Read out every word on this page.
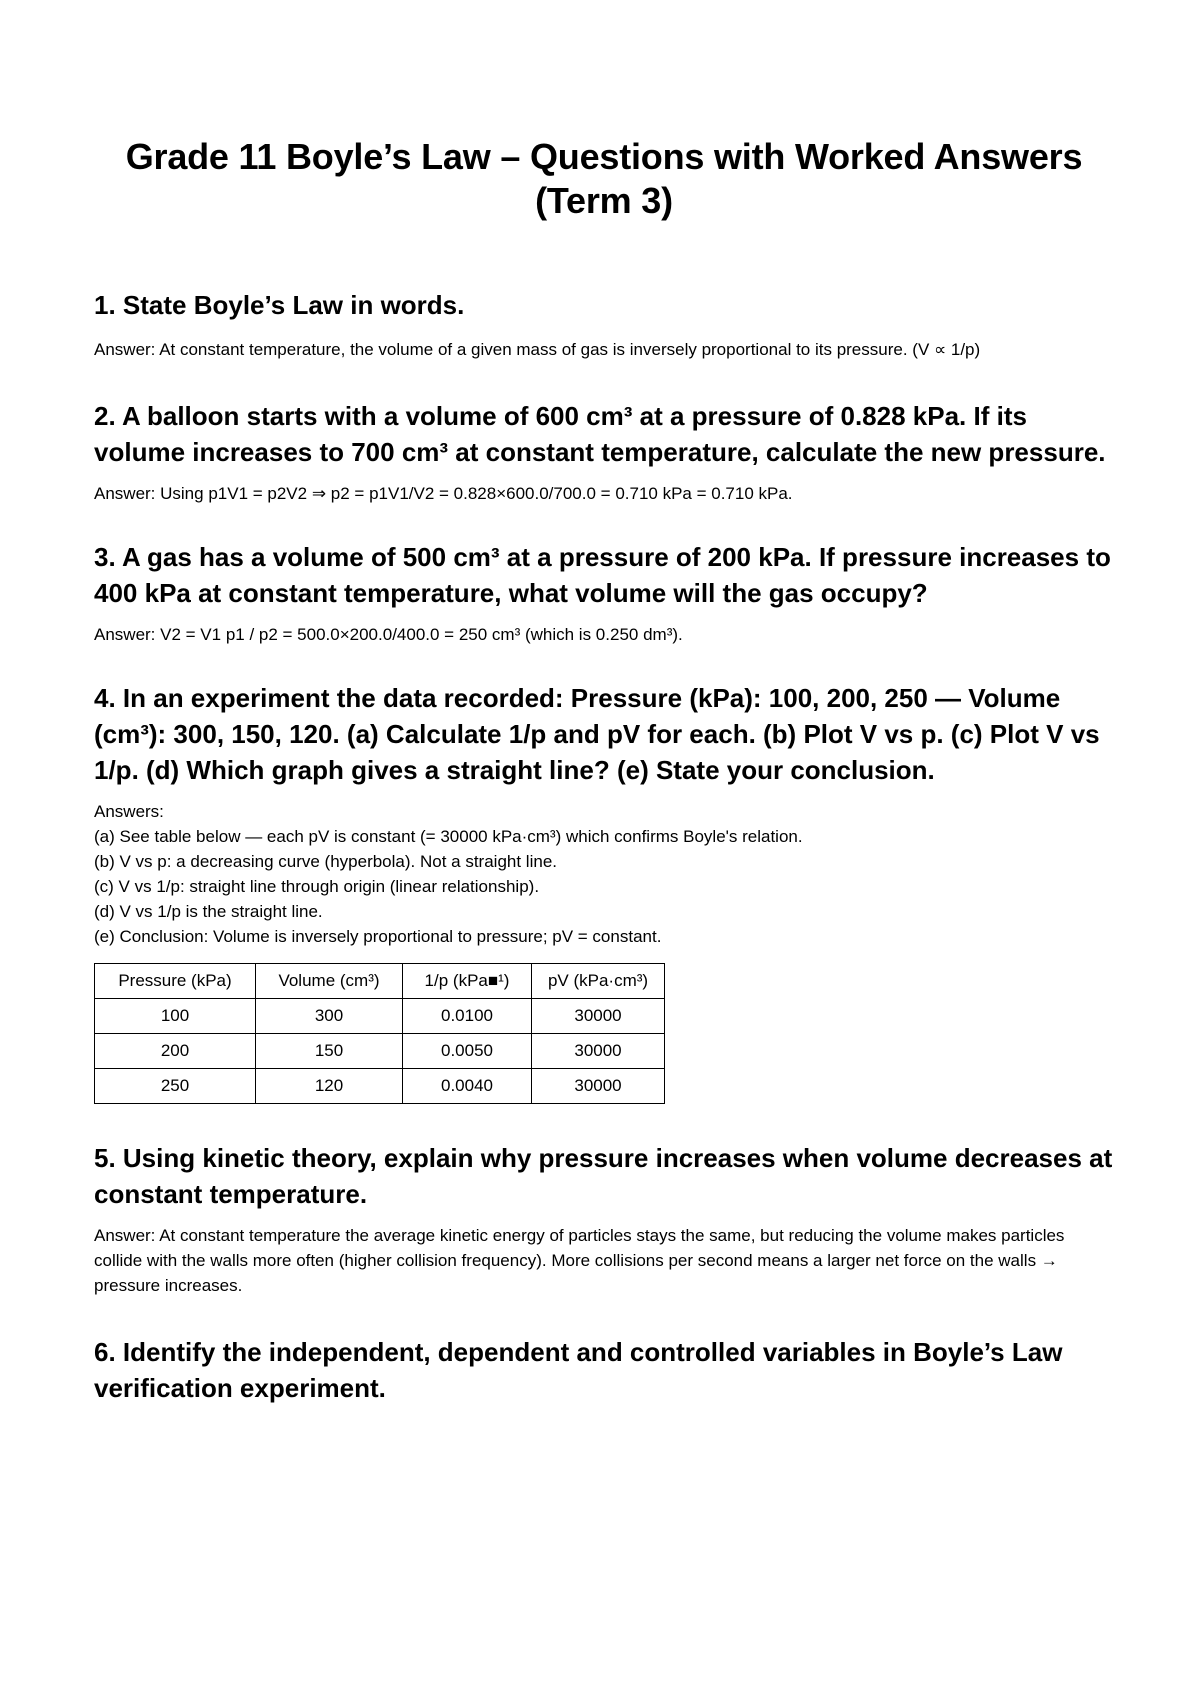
Grade 11 Boyle’s Law – Questions with Worked Answers
(Term 3)

1. State Boyle’s Law in words.

Answer: At constant temperature, the volume of a given mass of gas is inversely proportional to its pressure. (V ∝ 1/p)

2. A balloon starts with a volume of 600 cm³ at a pressure of 0.828 kPa. If its volume increases to 700 cm³ at constant temperature, calculate the new pressure.

Answer: Using p1V1 = p2V2 ⇒ p2 = p1V1/V2 = 0.828×600.0/700.0 = 0.710 kPa = 0.710 kPa.

3. A gas has a volume of 500 cm³ at a pressure of 200 kPa. If pressure increases to 400 kPa at constant temperature, what volume will the gas occupy?

Answer: V2 = V1 p1 / p2 = 500.0×200.0/400.0 = 250 cm³ (which is 0.250 dm³).

4. In an experiment the data recorded: Pressure (kPa): 100, 200, 250 — Volume (cm³): 300, 150, 120. (a) Calculate 1/p and pV for each. (b) Plot V vs p. (c) Plot V vs 1/p. (d) Which graph gives a straight line? (e) State your conclusion.

Answers:
(a) See table below — each pV is constant (= 30000 kPa·cm³) which confirms Boyle's relation.
(b) V vs p: a decreasing curve (hyperbola). Not a straight line.
(c) V vs 1/p: straight line through origin (linear relationship).
(d) V vs 1/p is the straight line.
(e) Conclusion: Volume is inversely proportional to pressure; pV = constant.
Pressure (kPa)	Volume (cm³)	1/p (kPa■¹)	pV (kPa·cm³)
100	300	0.0100	30000
200	150	0.0050	30000
250	120	0.0040	30000

5. Using kinetic theory, explain why pressure increases when volume decreases at constant temperature.

Answer: At constant temperature the average kinetic energy of particles stays the same, but reducing the volume makes particles collide with the walls more often (higher collision frequency). More collisions per second means a larger net force on the walls → pressure increases.

6. Identify the independent, dependent and controlled variables in Boyle’s Law verification experiment.
